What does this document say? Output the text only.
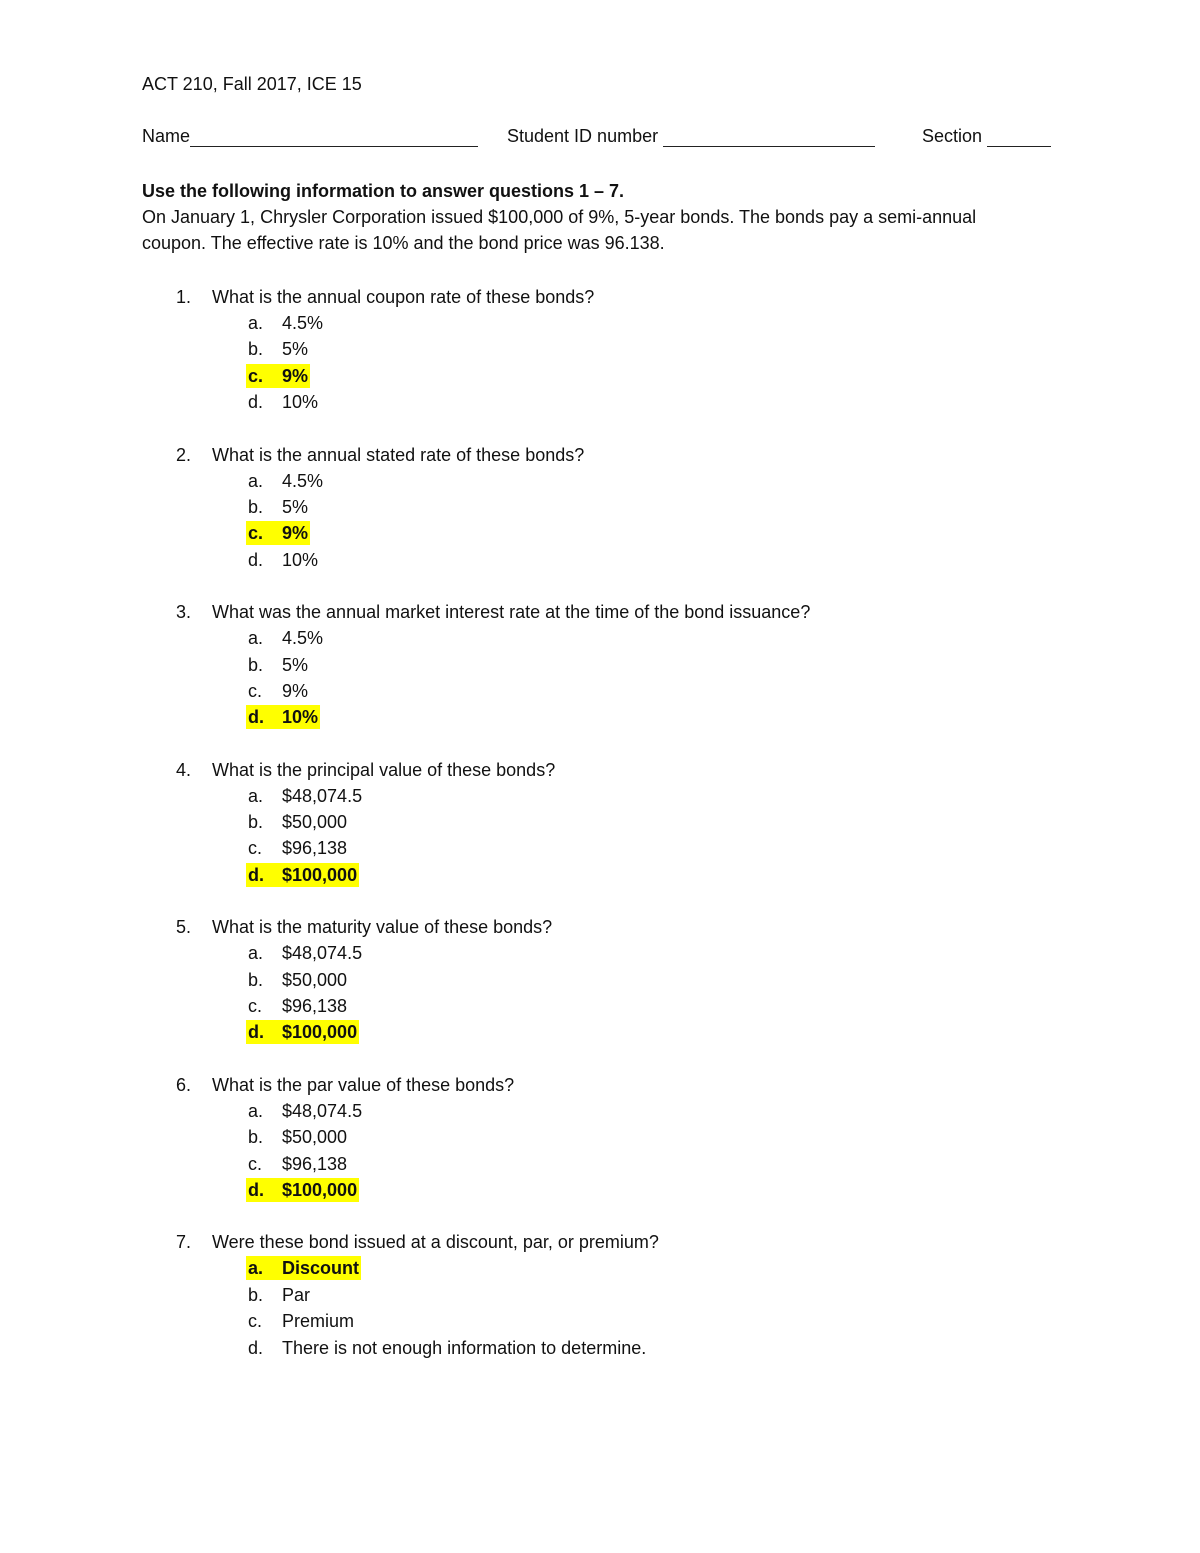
ACT 210, Fall 2017, ICE 15
Name	Student ID number	Section
Use the following information to answer questions 1 – 7.
On January 1, Chrysler Corporation issued $100,000 of 9%, 5-year bonds. The bonds pay a semi-annual
coupon. The effective rate is 10% and the bond price was 96.138.
1. What is the annual coupon rate of these bonds?
a. 4.5%
b. 5%
c. 9%
d. 10%
2. What is the annual stated rate of these bonds?
a. 4.5%
b. 5%
c. 9%
d. 10%
3. What was the annual market interest rate at the time of the bond issuance?
a. 4.5%
b. 5%
c. 9%
d. 10%
4. What is the principal value of these bonds?
a. $48,074.5
b. $50,000
c. $96,138
d. $100,000
5. What is the maturity value of these bonds?
a. $48,074.5
b. $50,000
c. $96,138
d. $100,000
6. What is the par value of these bonds?
a. $48,074.5
b. $50,000
c. $96,138
d. $100,000
7. Were these bond issued at a discount, par, or premium?
a. Discount
b. Par
c. Premium
d. There is not enough information to determine.
